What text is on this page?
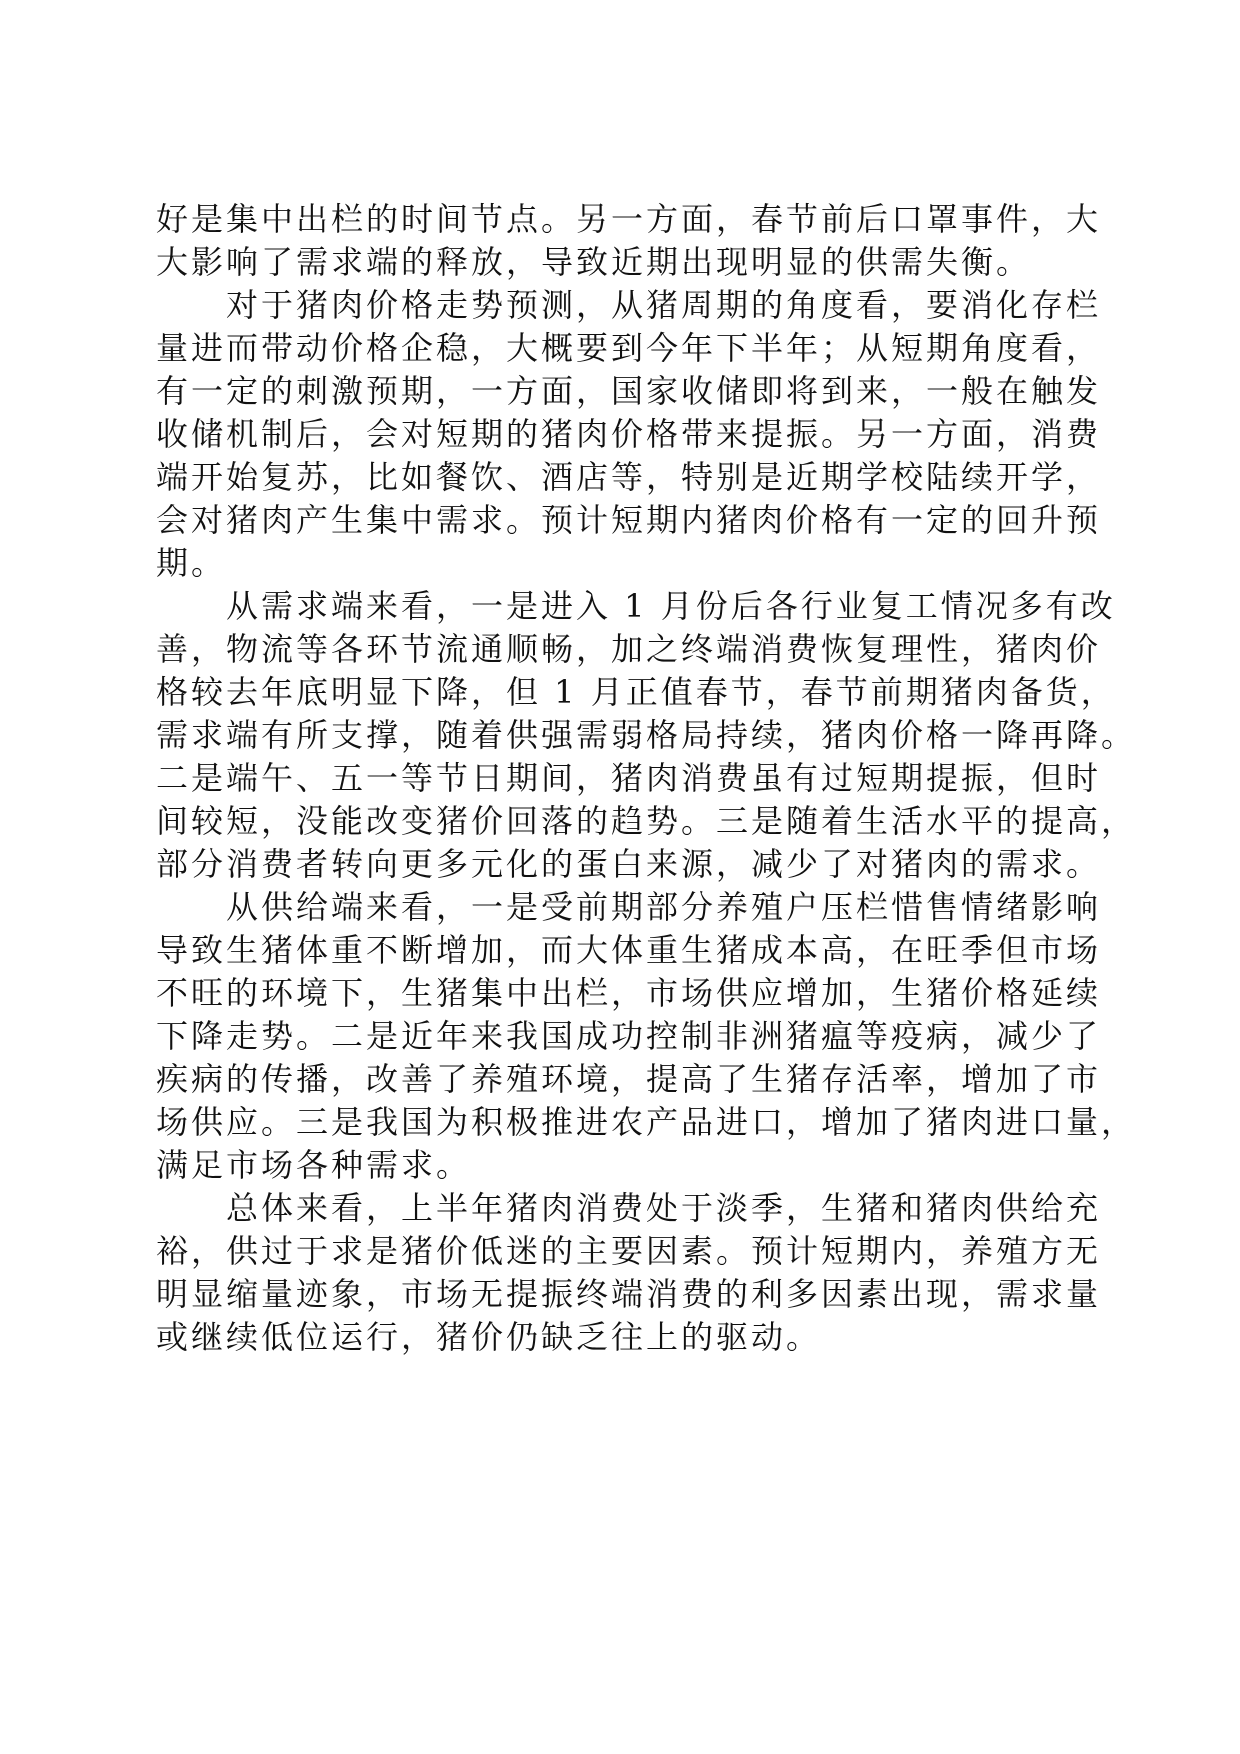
好是集中出栏的时间节点。另一方面，春节前后口罩事件，大
大影响了需求端的释放，导致近期出现明显的供需失衡。
对于猪肉价格走势预测，从猪周期的角度看，要消化存栏
量进而带动价格企稳，大概要到今年下半年；从短期角度看，
有一定的刺激预期，一方面，国家收储即将到来，一般在触发
收储机制后，会对短期的猪肉价格带来提振。另一方面，消费
端开始复苏，比如餐饮、酒店等，特别是近期学校陆续开学，
会对猪肉产生集中需求。预计短期内猪肉价格有一定的回升预
期。
从需求端来看，一是进入 1 月份后各行业复工情况多有改
善，物流等各环节流通顺畅，加之终端消费恢复理性，猪肉价
格较去年底明显下降，但 1 月正值春节，春节前期猪肉备货，
需求端有所支撑，随着供强需弱格局持续，猪肉价格一降再降。
二是端午、五一等节日期间，猪肉消费虽有过短期提振，但时
间较短，没能改变猪价回落的趋势。三是随着生活水平的提高，
部分消费者转向更多元化的蛋白来源，减少了对猪肉的需求。
从供给端来看，一是受前期部分养殖户压栏惜售情绪影响
导致生猪体重不断增加，而大体重生猪成本高，在旺季但市场
不旺的环境下，生猪集中出栏，市场供应增加，生猪价格延续
下降走势。二是近年来我国成功控制非洲猪瘟等疫病，减少了
疾病的传播，改善了养殖环境，提高了生猪存活率，增加了市
场供应。三是我国为积极推进农产品进口，增加了猪肉进口量，
满足市场各种需求。
总体来看，上半年猪肉消费处于淡季，生猪和猪肉供给充
裕，供过于求是猪价低迷的主要因素。预计短期内，养殖方无
明显缩量迹象，市场无提振终端消费的利多因素出现，需求量
或继续低位运行，猪价仍缺乏往上的驱动。
